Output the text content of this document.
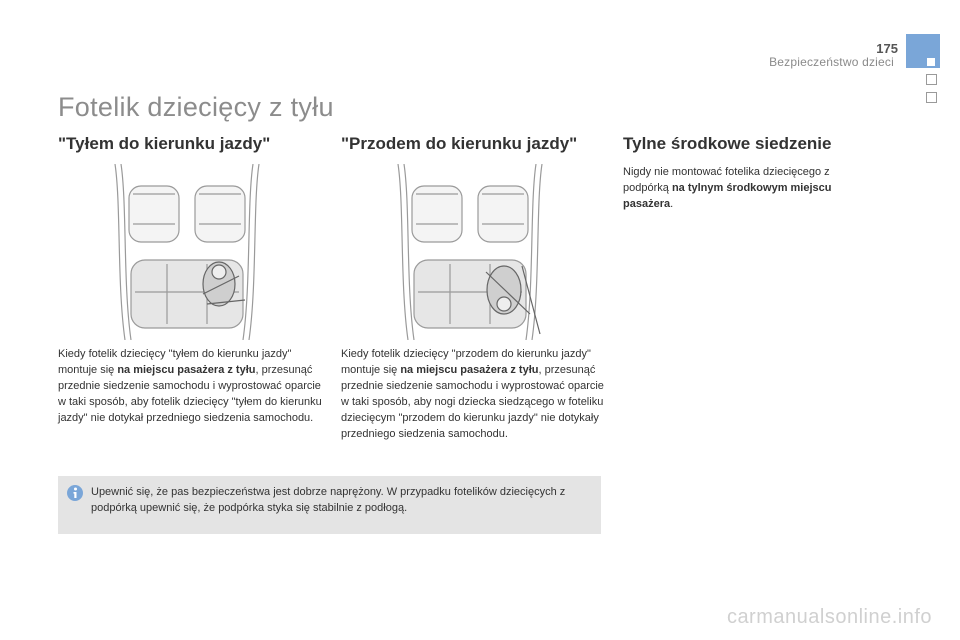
175
Bezpieczeństwo dzieci
Fotelik dziecięcy z tyłu
"Tyłem do kierunku jazdy"

Kiedy fotelik dziecięcy "tyłem do kierunku jazdy" montuje się na miejscu pasażera z tyłu, przesunąć przednie siedzenie samochodu i wyprostować oparcie w taki sposób, aby fotelik dziecięcy "tyłem do kierunku jazdy" nie dotykał przedniego siedzenia samochodu.

"Przodem do kierunku jazdy"

Kiedy fotelik dziecięcy "przodem do kierunku jazdy" montuje się na miejscu pasażera z tyłu, przesunąć przednie siedzenie samochodu i wyprostować oparcie w taki sposób, aby nogi dziecka siedzącego w foteliku dziecięcym "przodem do kierunku jazdy" nie dotykały przedniego siedzenia samochodu.

Tylne środkowe siedzenie

Nigdy nie montować fotelika dziecięcego z podpórką na tylnym środkowym miejscu pasażera.

Upewnić się, że pas bezpieczeństwa jest dobrze naprężony. W przypadku fotelików dziecięcych z podpórką upewnić się, że podpórka styka się stabilnie z podłogą.

carmanualsonline.info
